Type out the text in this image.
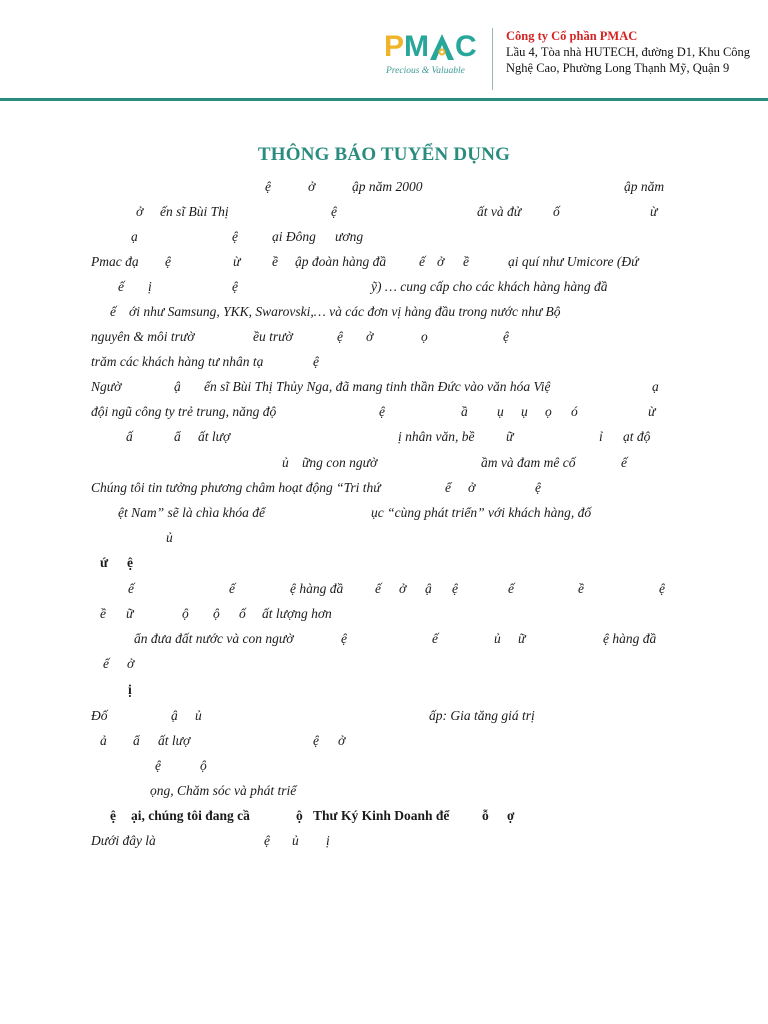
P M C
Precious & Valuable
Công ty Cổ phần PMAC
Lầu 4, Tòa nhà HUTECH, đường D1, Khu Công
Nghệ Cao, Phường Long Thạnh Mỹ, Quận 9
THÔNG BÁO TUYỂN DỤNG
ệ	ở	ập năm 2000	ập năm
ở ến sĩ Bùi Thị	ệ	ất và đử ố	ừ
ạ	ệ	ại Đông ương
Pmac đạ ệ	ừ ề ập đoàn hàng đầ ế ở ề	ại quí như Umicore (Đứ
ế ị	ệ	ỹ) … cung cấp cho các khách hàng hàng đầ
ế ới như Samsung, YKK, Swarovski,… và các đơn vị hàng đầu trong nước như Bộ
nguyên & môi trườ	ều trườ	ệ ở	ọ	ệ
trăm các khách hàng tư nhân tạ	ệ
Ngườ	ậ ến sĩ Bùi Thị Thủy Nga, đã mang tinh thần Đức vào văn hóa Việ	ạ
đội ngũ công ty trẻ trung, năng độ	ệ	ầ ụ ụ ọ ó	ừ
ấ	ẩ ất lượ	ị nhân văn, bề ữ	ỉ ạt độ
ủ ững con ngườ	ầm và đam mê cố	ế
Chúng tôi tin tưởng phương châm hoạt động “Tri thứ	ể ở	ệ
ệt Nam” sẽ là chìa khóa để	ục “cùng phát triển” với khách hàng, đố
ủ
ứ ệ
ế	ế	ệ hàng đầ ế ở ậ ệ	ế	ề	ệ
ề ữ	ộ ộ ố ất lượng hơn
ẩn đưa đất nước và con ngườ	ệ	ế	ủ ữ	ệ hàng đầ
ế ở
ị
Đố	ậ ủ	ấp: Gia tăng giá trị
ả ẩ ất lượ	ệ ở
ệ	ộ
ọng, Chăm sóc và phát triể
ệ ại, chúng tôi đang cầ	ộ Thư Ký Kinh Doanh để ỗ ợ
Dưới đây là	ệ ủ ị
